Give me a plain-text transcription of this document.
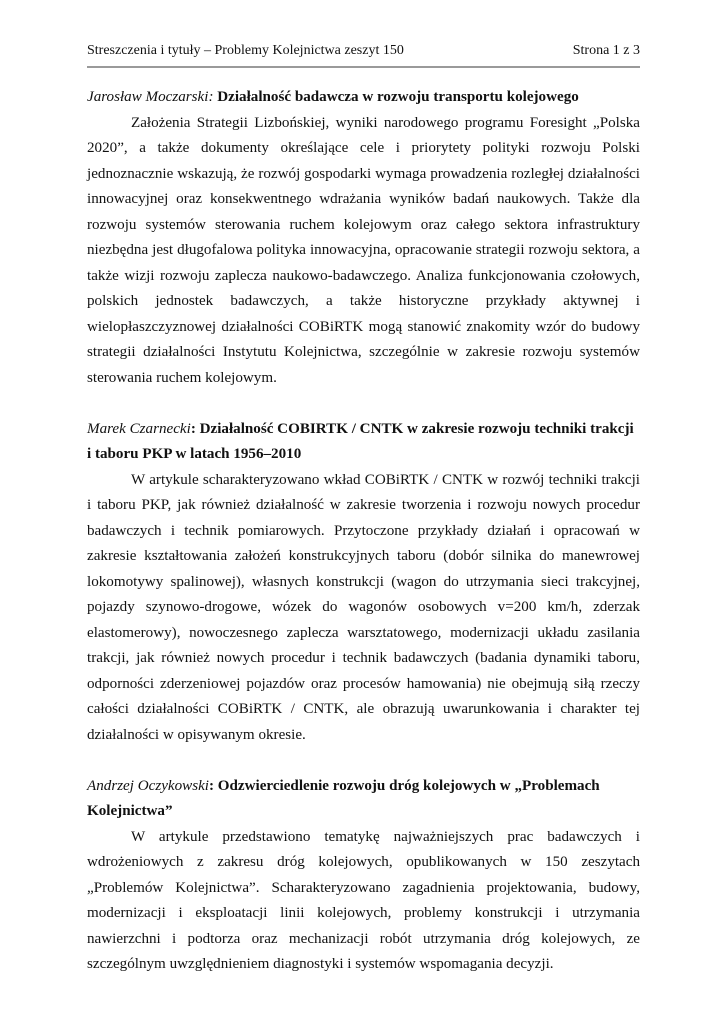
Streszczenia i tytuły – Problemy Kolejnictwa zeszyt 150	Strona 1 z 3

Jarosław Moczarski: Działalność badawcza w rozwoju transportu kolejowego

Założenia Strategii Lizbońskiej, wyniki narodowego programu Foresight „Polska 2020”, a także dokumenty określające cele i priorytety polityki rozwoju Polski jednoznacznie wskazują, że rozwój gospodarki wymaga prowadzenia rozległej działalności innowacyjnej oraz konsekwentnego wdrażania wyników badań naukowych. Także dla rozwoju systemów sterowania ruchem kolejowym oraz całego sektora infrastruktury niezbędna jest długofalowa polityka innowacyjna, opracowanie strategii rozwoju sektora, a także wizji rozwoju zaplecza naukowo-badawczego. Analiza funkcjonowania czołowych, polskich jednostek badawczych, a także historyczne przykłady aktywnej i wielopłaszczyznowej działalności COBiRTK mogą stanowić znakomity wzór do budowy strategii działalności Instytutu Kolejnictwa, szczególnie w zakresie rozwoju systemów sterowania ruchem kolejowym.

Marek Czarnecki: Działalność COBIRTK / CNTK w zakresie rozwoju techniki trakcji i taboru PKP w latach 1956–2010

W artykule scharakteryzowano wkład COBiRTK / CNTK w rozwój techniki trakcji i taboru PKP, jak również działalność w zakresie tworzenia i rozwoju nowych procedur badawczych i technik pomiarowych. Przytoczone przykłady działań i opracowań w zakresie kształtowania założeń konstrukcyjnych taboru (dobór silnika do manewrowej lokomotywy spalinowej), własnych konstrukcji (wagon do utrzymania sieci trakcyjnej, pojazdy szynowo-drogowe, wózek do wagonów osobowych v=200 km/h, zderzak elastomerowy), nowoczesnego zaplecza warsztatowego, modernizacji układu zasilania trakcji, jak również nowych procedur i technik badawczych (badania dynamiki taboru, odporności zderzeniowej pojazdów oraz procesów hamowania) nie obejmują siłą rzeczy całości działalności COBiRTK / CNTK, ale obrazują uwarunkowania i charakter tej działalności w opisywanym okresie.

Andrzej Oczykowski: Odzwierciedlenie rozwoju dróg kolejowych w „Problemach Kolejnictwa”

W artykule przedstawiono tematykę najważniejszych prac badawczych i wdrożeniowych z zakresu dróg kolejowych, opublikowanych w 150 zeszytach „Problemów Kolejnictwa”. Scharakteryzowano zagadnienia projektowania, budowy, modernizacji i eksploatacji linii kolejowych, problemy konstrukcji i utrzymania nawierzchni i podtorza oraz mechanizacji robót utrzymania dróg kolejowych, ze szczególnym uwzględnieniem diagnostyki i systemów wspomagania decyzji.
